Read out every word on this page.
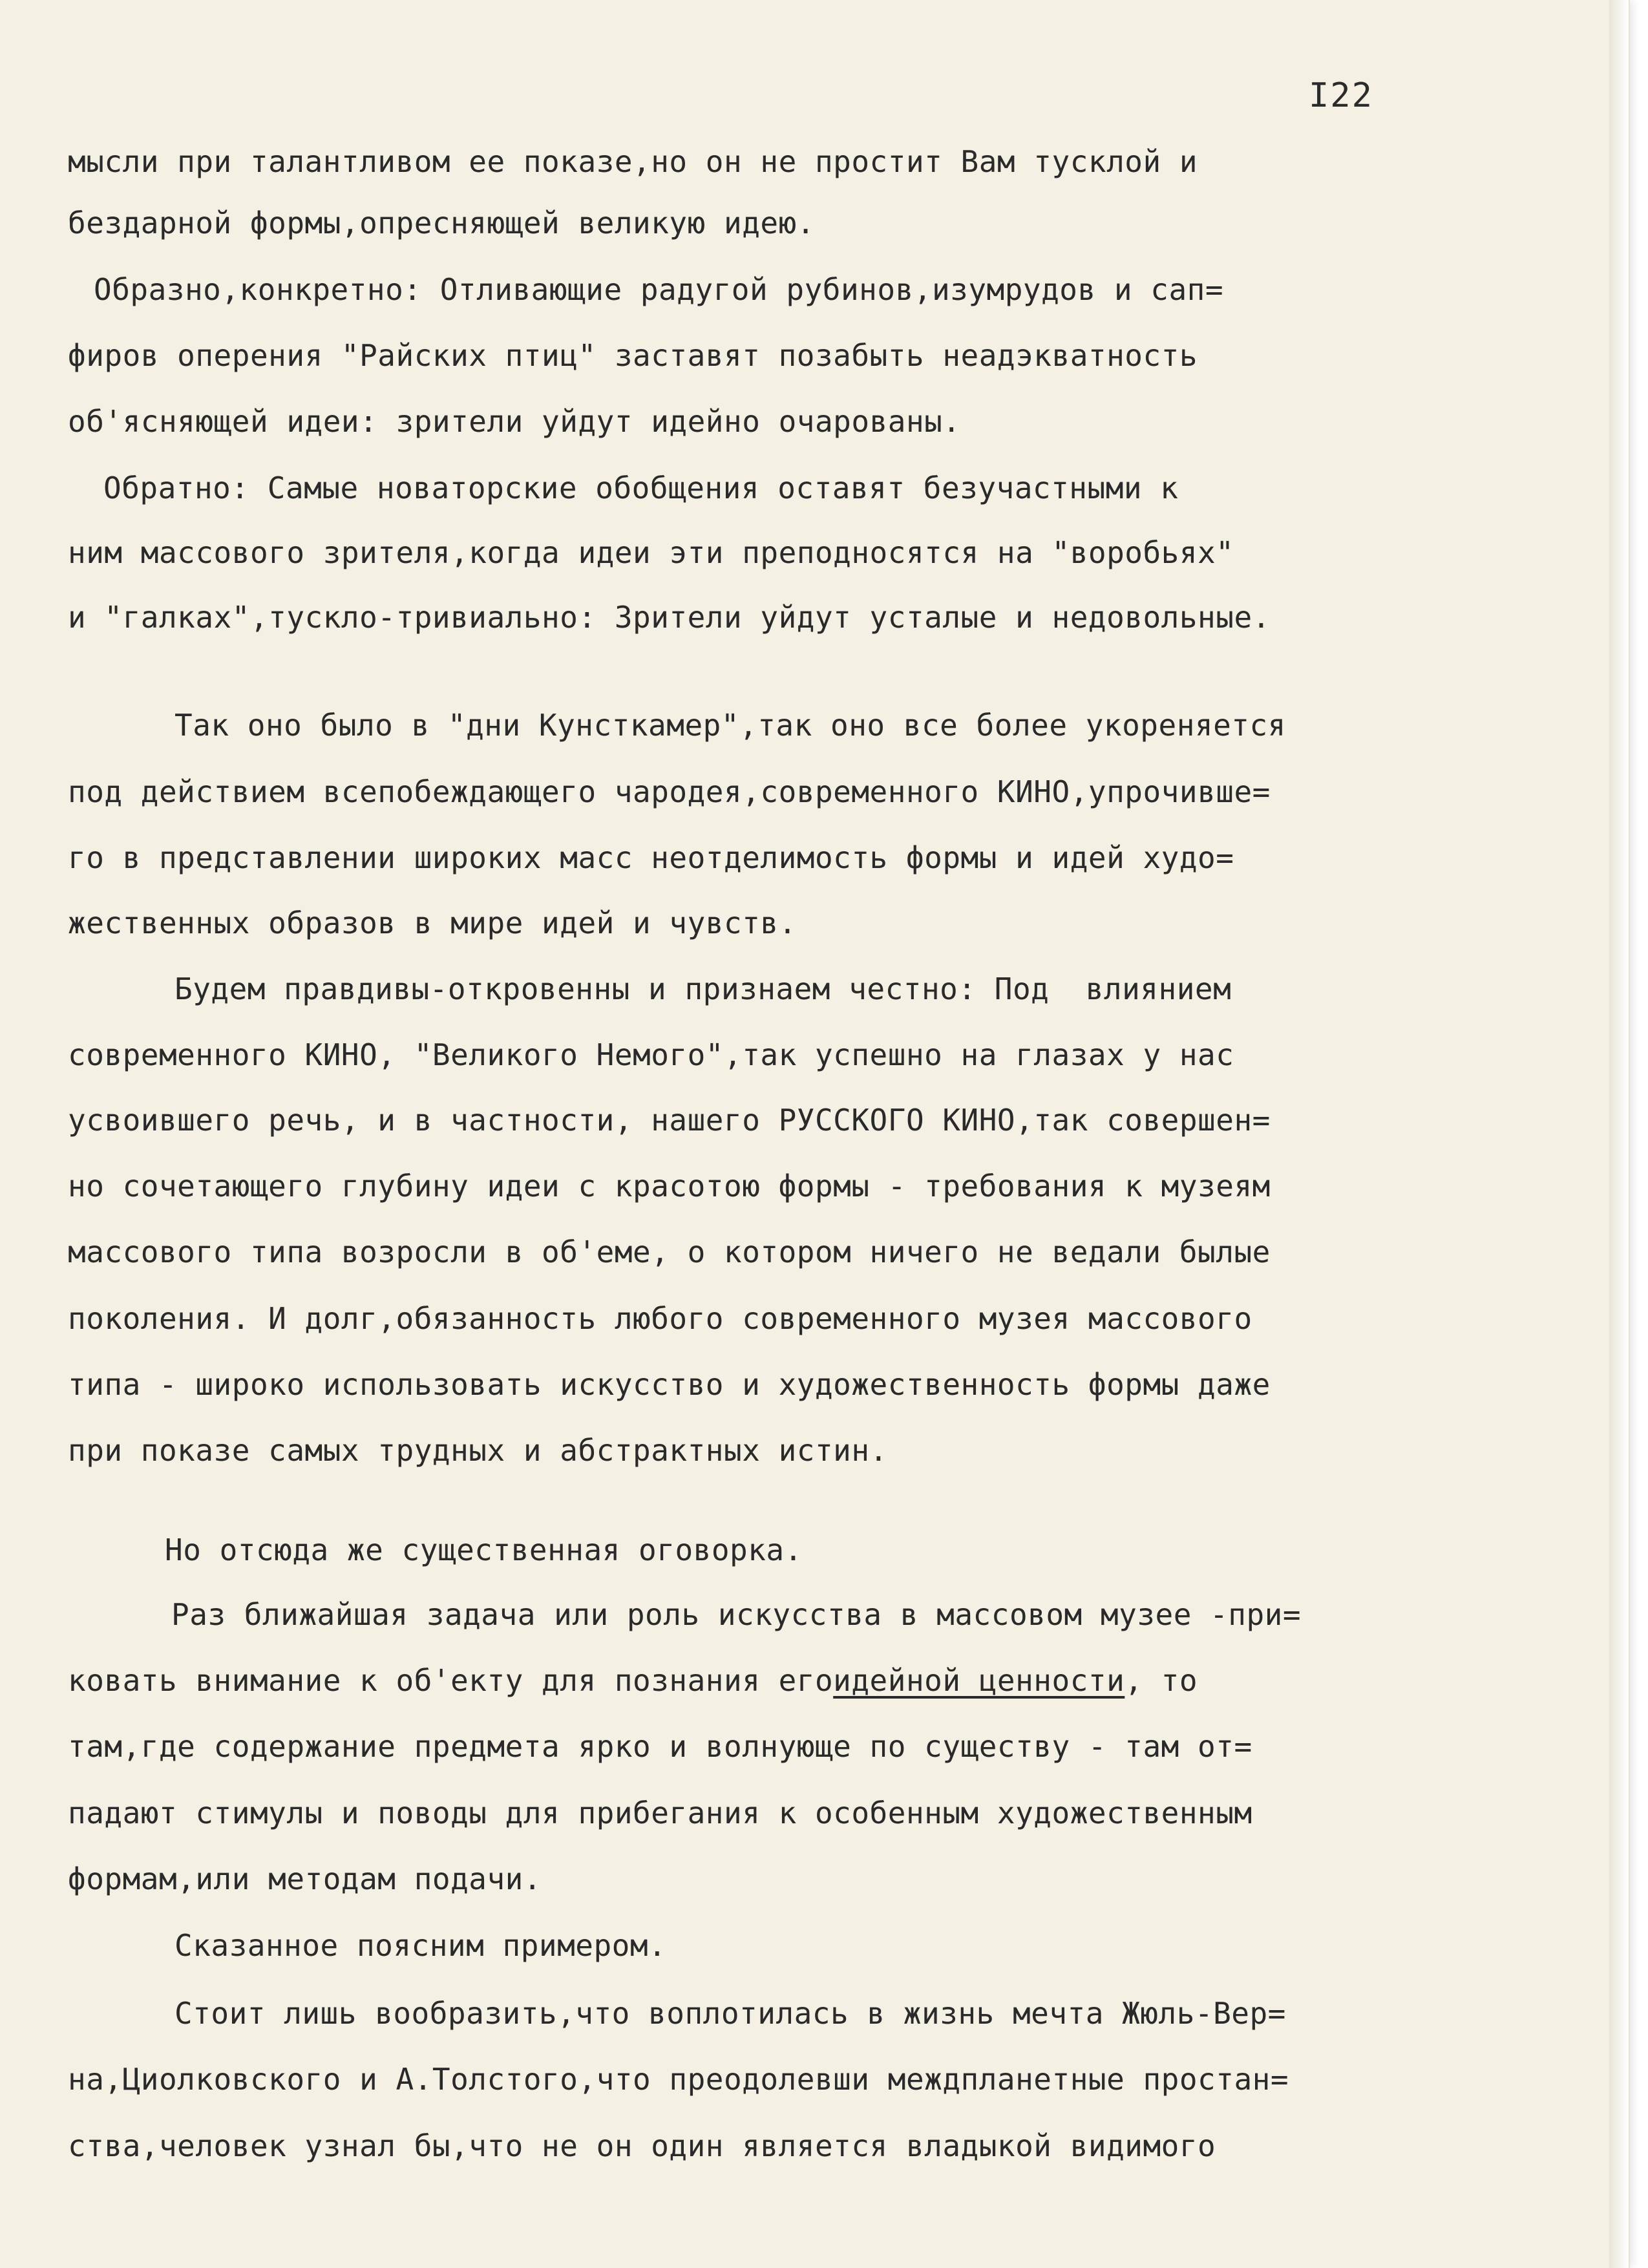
I22
мысли при талантливом ее показе,но он не простит Вам тусклой и
бездарной формы,опресняющей великую идею.
Образно,конкретно: Отливающие радугой рубинов,изумрудов и сап=
фиров оперения "Райских птиц" заставят позабыть неадэкватность
об'ясняющей идеи: зрители уйдут идейно очарованы.
Обратно: Самые новаторские обобщения оставят безучастными к
ним массового зрителя,когда идеи эти преподносятся на "воробьях"
и "галках",тускло-тривиально: Зрители уйдут усталые и недовольные.
Так оно было в "дни Кунсткамер",так оно все более укореняется
под действием всепобеждающего чародея,современного КИНО,упрочивше=
го в представлении широких масс неотделимость формы и идей худо=
жественных образов в мире идей и чувств.
Будем правдивы-откровенны и признаем честно: Под  влиянием
современного КИНО, "Великого Немого",так успешно на глазах у нас
усвоившего речь, и в частности, нашего РУССКОГО КИНО,так совершен=
но сочетающего глубину идеи с красотою формы - требования к музеям
массового типа возросли в об'еме, о котором ничего не ведали былые
поколения. И долг,обязанность любого современного музея массового
типа - широко использовать искусство и художественность формы даже
при показе самых трудных и абстрактных истин.
Но отсюда же существенная оговорка.
Раз ближайшая задача или роль искусства в массовом музее -при=
ковать внимание к об'екту для познания егоидейной ценности, то
там,где содержание предмета ярко и волнующе по существу - там от=
падают стимулы и поводы для прибегания к особенным художественным
формам,или методам подачи.
Сказанное поясним примером.
Стоит лишь вообразить,что воплотилась в жизнь мечта Жюль-Вер=
на,Циолковского и А.Толстого,что преодолевши междпланетные простан=
ства,человек узнал бы,что не он один является владыкой видимого
